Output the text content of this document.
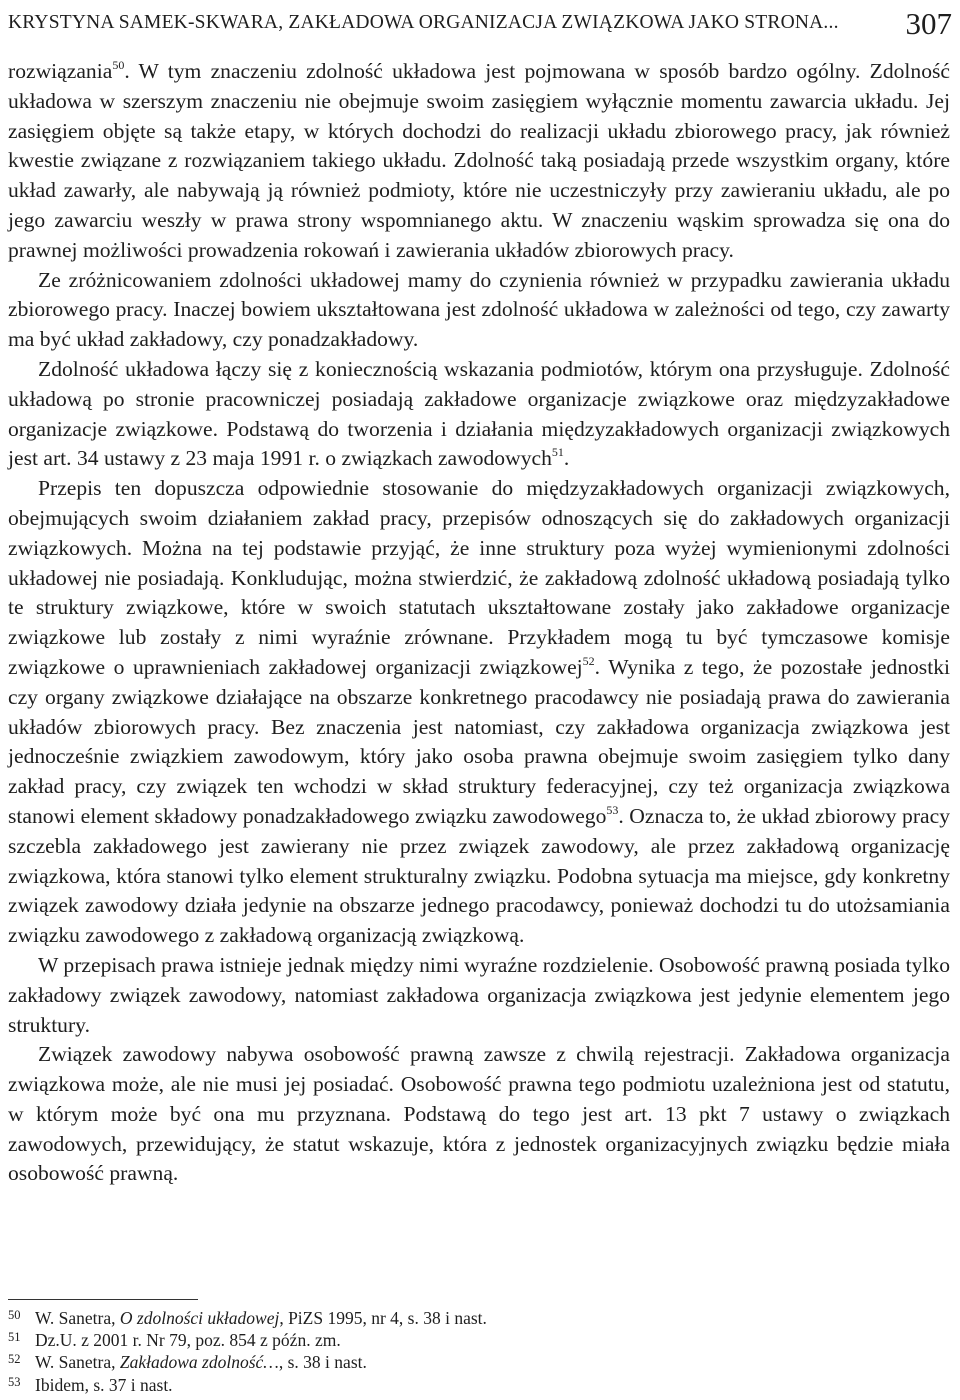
KRYSTYNA SAMEK-SKWARA, ZAKŁADOWA ORGANIZACJA ZWIĄZKOWA JAKO STRONA... 307

rozwiązania$^{50}$. W tym znaczeniu zdolność układowa jest pojmowana w sposób bardzo ogólny. Zdolność układowa w szerszym znaczeniu nie obejmuje swoim zasięgiem wyłącznie momentu zawarcia układu. Jej zasięgiem objęte są także etapy, w których dochodzi do realizacji układu zbiorowego pracy, jak również kwestie związane z rozwiązaniem takiego układu. Zdolność taką posiadają przede wszystkim organy, które układ zawarły, ale nabywają ją również podmioty, które nie uczestniczyły przy zawieraniu układu, ale po jego zawarciu weszły w prawa strony wspomnianego aktu. W znaczeniu wąskim sprowadza się ona do prawnej możliwości prowadzenia rokowań i zawierania układów zbiorowych pracy.

Ze zróżnicowaniem zdolności układowej mamy do czynienia również w przypadku zawierania układu zbiorowego pracy. Inaczej bowiem ukształtowana jest zdolność układowa w zależności od tego, czy zawarty ma być układ zakładowy, czy ponadzakładowy.

Zdolność układowa łączy się z koniecznością wskazania podmiotów, którym ona przysługuje. Zdolność układową po stronie pracowniczej posiadają zakładowe organizacje związkowe oraz międzyzakładowe organizacje związkowe. Podstawą do tworzenia i działania międzyzakładowych organizacji związkowych jest art. 34 ustawy z 23 maja 1991 r. o związkach zawodowych$^{51}$.

Przepis ten dopuszcza odpowiednie stosowanie do międzyzakładowych organizacji związkowych, obejmujących swoim działaniem zakład pracy, przepisów odnoszących się do zakładowych organizacji związkowych. Można na tej podstawie przyjąć, że inne struktury poza wyżej wymienionymi zdolności układowej nie posiadają. Konkludując, można stwierdzić, że zakładową zdolność układową posiadają tylko te struktury związkowe, które w swoich statutach ukształtowane zostały jako zakładowe organizacje związkowe lub zostały z nimi wyraźnie zrównane. Przykładem mogą tu być tymczasowe komisje związkowe o uprawnieniach zakładowej organizacji związkowej$^{52}$. Wynika z tego, że pozostałe jednostki czy organy związkowe działające na obszarze konkretnego pracodawcy nie posiadają prawa do zawierania układów zbiorowych pracy. Bez znaczenia jest natomiast, czy zakładowa organizacja związkowa jest jednocześnie związkiem zawodowym, który jako osoba prawna obejmuje swoim zasięgiem tylko dany zakład pracy, czy związek ten wchodzi w skład struktury federacyjnej, czy też organizacja związkowa stanowi element składowy ponadzakładowego związku zawodowego$^{53}$. Oznacza to, że układ zbiorowy pracy szczebla zakładowego jest zawierany nie przez związek zawodowy, ale przez zakładową organizację związkowa, która stanowi tylko element strukturalny związku. Podobna sytuacja ma miejsce, gdy konkretny związek zawodowy działa jedynie na obszarze jednego pracodawcy, ponieważ dochodzi tu do utożsamiania związku zawodowego z zakładową organizacją związkową.

W przepisach prawa istnieje jednak między nimi wyraźne rozdzielenie. Osobowość prawną posiada tylko zakładowy związek zawodowy, natomiast zakładowa organizacja związkowa jest jedynie elementem jego struktury.

Związek zawodowy nabywa osobowość prawną zawsze z chwilą rejestracji. Zakładowa organizacja związkowa może, ale nie musi jej posiadać. Osobowość prawna tego podmiotu uzależniona jest od statutu, w którym może być ona mu przyznana. Podstawą do tego jest art. 13 pkt 7 ustawy o związkach zawodowych, przewidujący, że statut wskazuje, która z jednostek organizacyjnych związku będzie miała osobowość prawną.

50 W. Sanetra, O zdolności układowej, PiZS 1995, nr 4, s. 38 i nast.
51 Dz.U. z 2001 r. Nr 79, poz. 854 z późn. zm.
52 W. Sanetra, Zakładowa zdolność…, s. 38 i nast.
53 Ibidem, s. 37 i nast.
